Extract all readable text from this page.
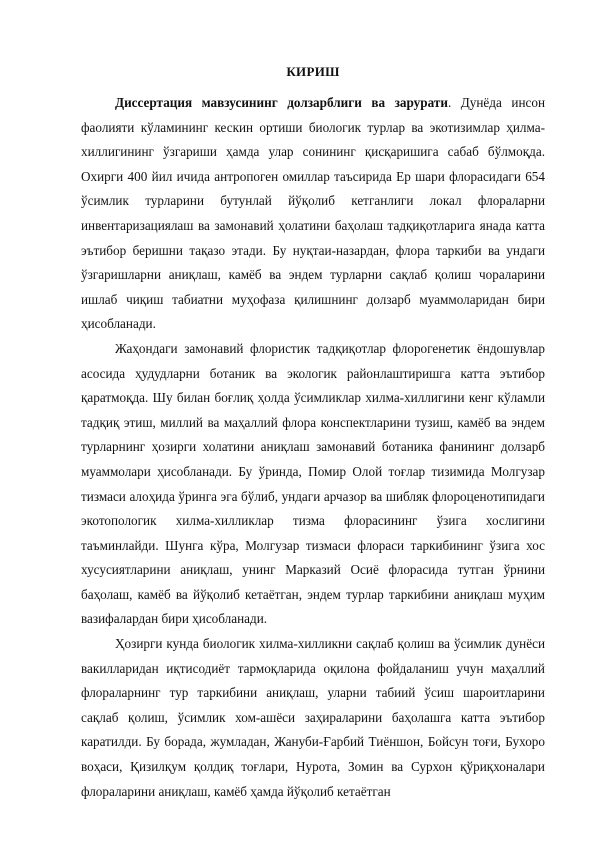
КИРИШ

Диссертация мавзусининг долзарблиги ва зарурати. Дунёда инсон фаолияти кўламининг кескин ортиши биологик турлар ва экотизимлар ҳилма-хиллигининг ўзгариши ҳамда улар сонининг қисқаришига сабаб бўлмоқда. Охирги 400 йил ичида антропоген омиллар таъсирида Ер шари флорасидаги 654 ўсимлик турларини бутунлай йўқолиб кетганлиги локал флораларни инвентаризациялаш ва замонавий ҳолатини баҳолаш тадқиқотларига янада катта эътибор беришни тақазо этади. Бу нуқтаи-назардан, флора таркиби ва ундаги ўзгаришларни аниқлаш, камёб ва эндем турларни сақлаб қолиш чораларини ишлаб чиқиш табиатни муҳофаза қилишнинг долзарб муаммоларидан бири ҳисобланади.

Жаҳондаги замонавий флористик тадқиқотлар флорогенетик ёндошувлар асосида ҳудудларни ботаник ва экологик районлаштиришга катта эътибор қаратмоқда. Шу билан боғлиқ ҳолда ўсимликлар хилма-хиллигини кенг кўламли тадқиқ этиш, миллий ва маҳаллий флора конспектларини тузиш, камёб ва эндем турларнинг ҳозирги холатини аниқлаш замонавий ботаника фанининг долзарб муаммолари ҳисобланади. Бу ўринда, Помир Олой тоғлар тизимида Молгузар тизмаси алоҳида ўринга эга бўлиб, ундаги арчазор ва шибляк флороценотипидаги экотопологик хилма-хилликлар тизма флорасининг ўзига хослигини таъминлайди. Шунга кўра, Молгузар тизмаси флораси таркибининг ўзига хос хусусиятларини аниқлаш, унинг Марказий Осиё флорасида тутган ўрнини баҳолаш, камёб ва йўқолиб кетаётган, эндем турлар таркибини аниқлаш муҳим вазифалардан бири ҳисобланади.

Ҳозирги кунда биологик хилма-хилликни сақлаб қолиш ва ўсимлик дунёси вакилларидан иқтисодиёт тармоқларида оқилона фойдаланиш учун маҳаллий флораларнинг тур таркибини аниқлаш, уларни табиий ўсиш шароитларини сақлаб қолиш, ўсимлик хом-ашёси заҳираларини баҳолашга катта эътибор каратилди. Бу борада, жумладан, Жануби-Ғарбий Тиёншон, Бойсун тоғи, Бухоро воҳаси, Қизилқум қолдиқ тоғлари, Нурота, Зомин ва Сурхон қўриқхоналари флораларини аниқлаш, камёб ҳамда йўқолиб кетаётган
